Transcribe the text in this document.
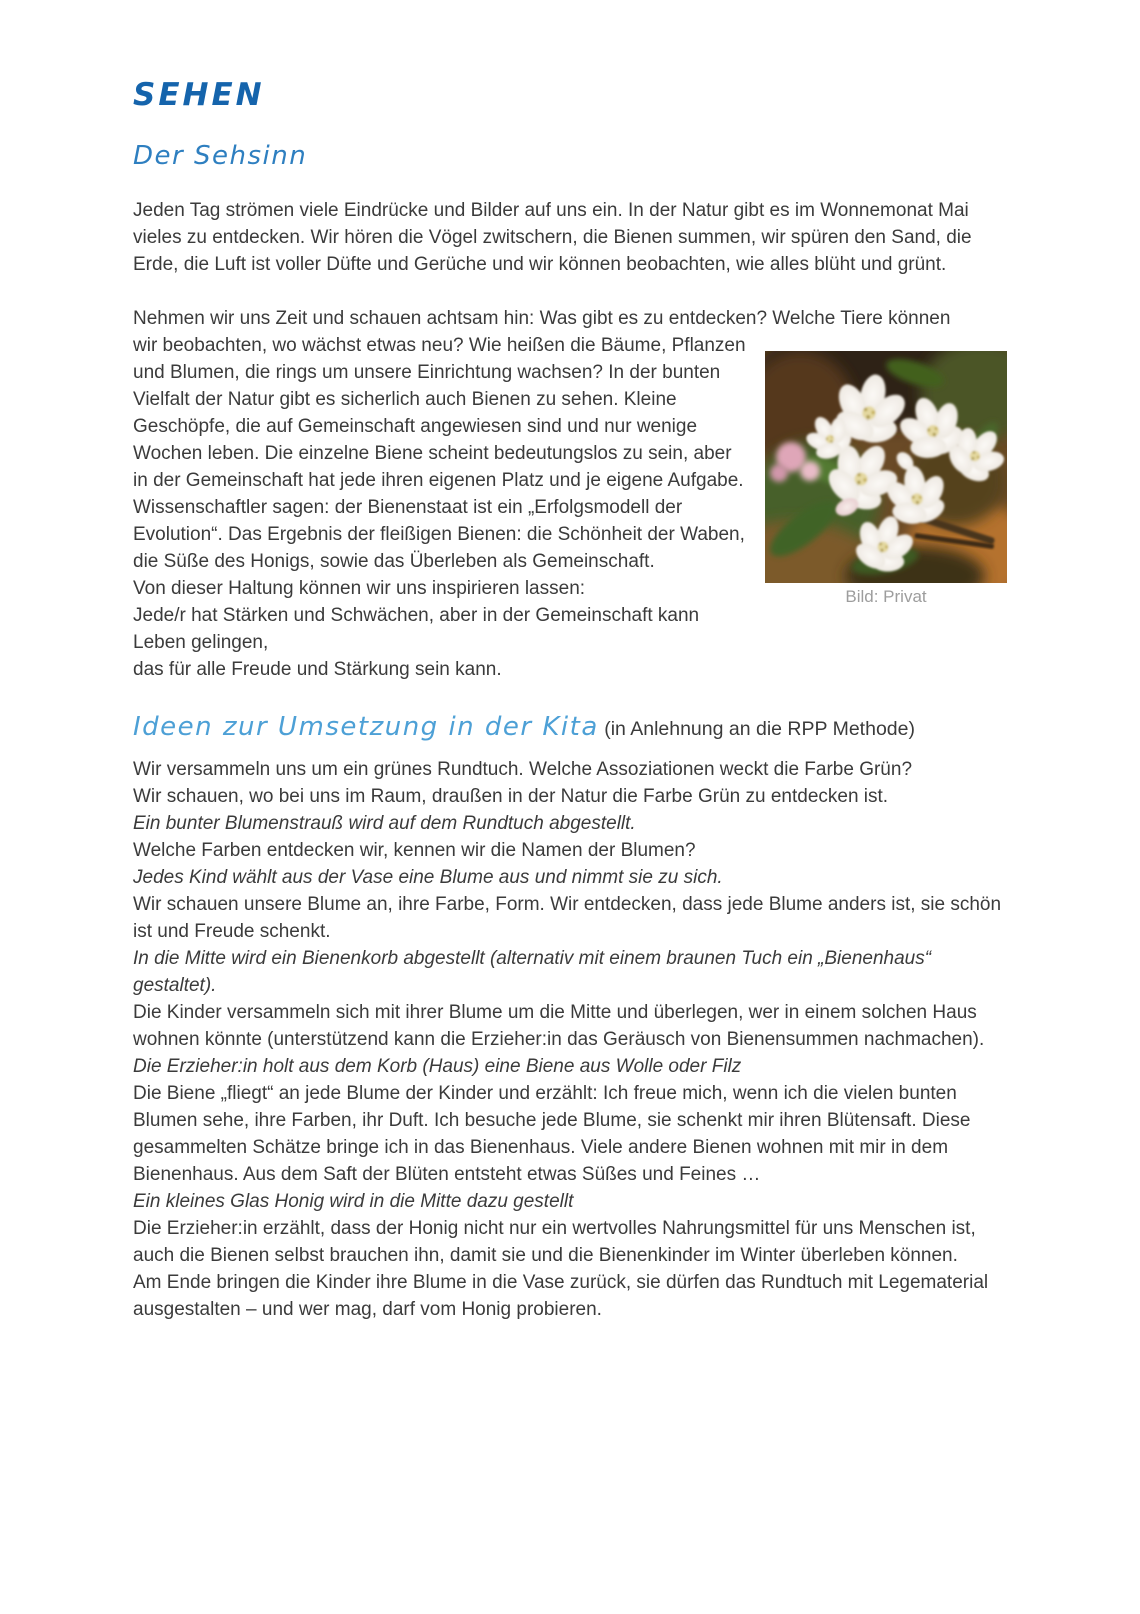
SEHEN
Der Sehsinn

Jeden Tag strömen viele Eindrücke und Bilder auf uns ein. In der Natur gibt es im Wonnemonat Mai vieles zu entdecken. Wir hören die Vögel zwitschern, die Bienen summen, wir spüren den Sand, die Erde, die Luft ist voller Düfte und Gerüche und wir können beobachten, wie alles blüht und grünt.

Nehmen wir uns Zeit und schauen achtsam hin: Was gibt es zu entdecken? Welche Tiere können
Bild: Privat
wir beobachten, wo wächst etwas neu? Wie heißen die Bäume, Pflanzen und Blumen, die rings um unsere Einrichtung wachsen? In der bunten Vielfalt der Natur gibt es sicherlich auch Bienen zu sehen. Kleine Geschöpfe, die auf Gemeinschaft angewiesen sind und nur wenige Wochen leben. Die einzelne Biene scheint bedeutungslos zu sein, aber in der Gemeinschaft hat jede ihren eigenen Platz und je eigene Aufgabe. Wissenschaftler sagen: der Bienenstaat ist ein „Erfolgsmodell der Evolution“. Das Ergebnis der fleißigen Bienen: die Schönheit der Waben, die Süße des Honigs, sowie das Überleben als Gemeinschaft.
Von dieser Haltung können wir uns inspirieren lassen:
Jede/r hat Stärken und Schwächen, aber in der Gemeinschaft kann Leben gelingen,
das für alle Freude und Stärkung sein kann.
Ideen zur Umsetzung in der Kita (in Anlehnung an die RPP Methode)

Wir versammeln uns um ein grünes Rundtuch. Welche Assoziationen weckt die Farbe Grün?

Wir schauen, wo bei uns im Raum, draußen in der Natur die Farbe Grün zu entdecken ist.

Ein bunter Blumenstrauß wird auf dem Rundtuch abgestellt.

Welche Farben entdecken wir, kennen wir die Namen der Blumen?

Jedes Kind wählt aus der Vase eine Blume aus und nimmt sie zu sich.

Wir schauen unsere Blume an, ihre Farbe, Form. Wir entdecken, dass jede Blume anders ist, sie schön ist und Freude schenkt.

In die Mitte wird ein Bienenkorb abgestellt (alternativ mit einem braunen Tuch ein „Bienenhaus“ gestaltet).

Die Kinder versammeln sich mit ihrer Blume um die Mitte und überlegen, wer in einem solchen Haus wohnen könnte (unterstützend kann die Erzieher:in das Geräusch von Bienensummen nachmachen).

Die Erzieher:in holt aus dem Korb (Haus) eine Biene aus Wolle oder Filz

Die Biene „fliegt“ an jede Blume der Kinder und erzählt: Ich freue mich, wenn ich die vielen bunten Blumen sehe, ihre Farben, ihr Duft. Ich besuche jede Blume, sie schenkt mir ihren Blütensaft. Diese gesammelten Schätze bringe ich in das Bienenhaus. Viele andere Bienen wohnen mit mir in dem Bienenhaus. Aus dem Saft der Blüten entsteht etwas Süßes und Feines …

Ein kleines Glas Honig wird in die Mitte dazu gestellt

Die Erzieher:in erzählt, dass der Honig nicht nur ein wertvolles Nahrungsmittel für uns Menschen ist, auch die Bienen selbst brauchen ihn, damit sie und die Bienenkinder im Winter überleben können.

Am Ende bringen die Kinder ihre Blume in die Vase zurück, sie dürfen das Rundtuch mit Legematerial ausgestalten – und wer mag, darf vom Honig probieren.
